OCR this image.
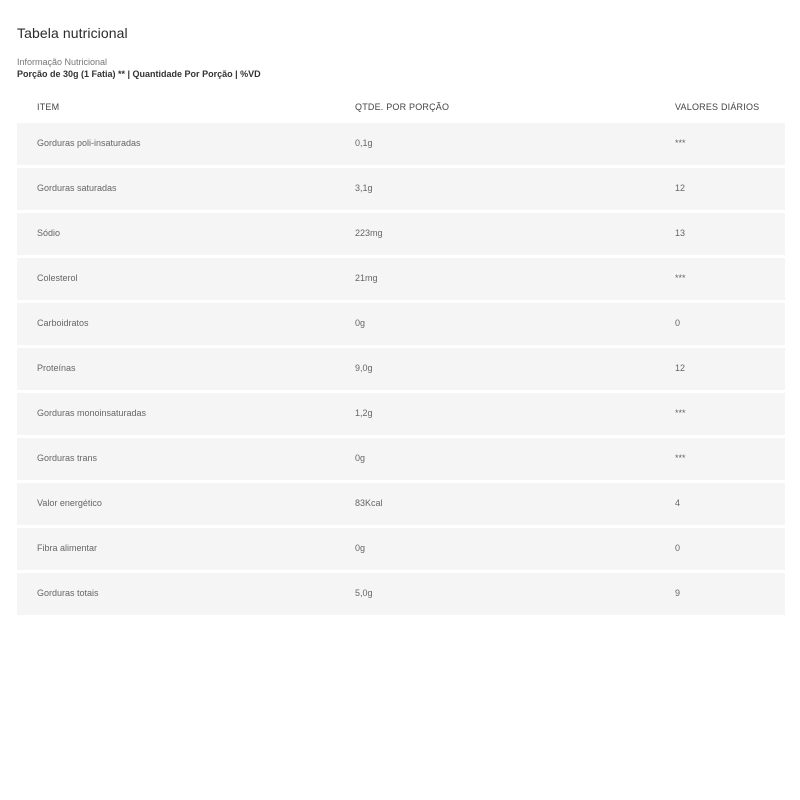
Tabela nutricional
Informação Nutricional
Porção de 30g (1 Fatia) ** | Quantidade Por Porção | %VD
ITEM	QTDE. POR PORÇÃO	VALORES DIÁRIOS
Gorduras poli-insaturadas	0,1g	***
Gorduras saturadas	3,1g	12
Sódio	223mg	13
Colesterol	21mg	***
Carboidratos	0g	0
Proteínas	9,0g	12
Gorduras monoinsaturadas	1,2g	***
Gorduras trans	0g	***
Valor energético	83Kcal	4
Fibra alimentar	0g	0
Gorduras totais	5,0g	9
